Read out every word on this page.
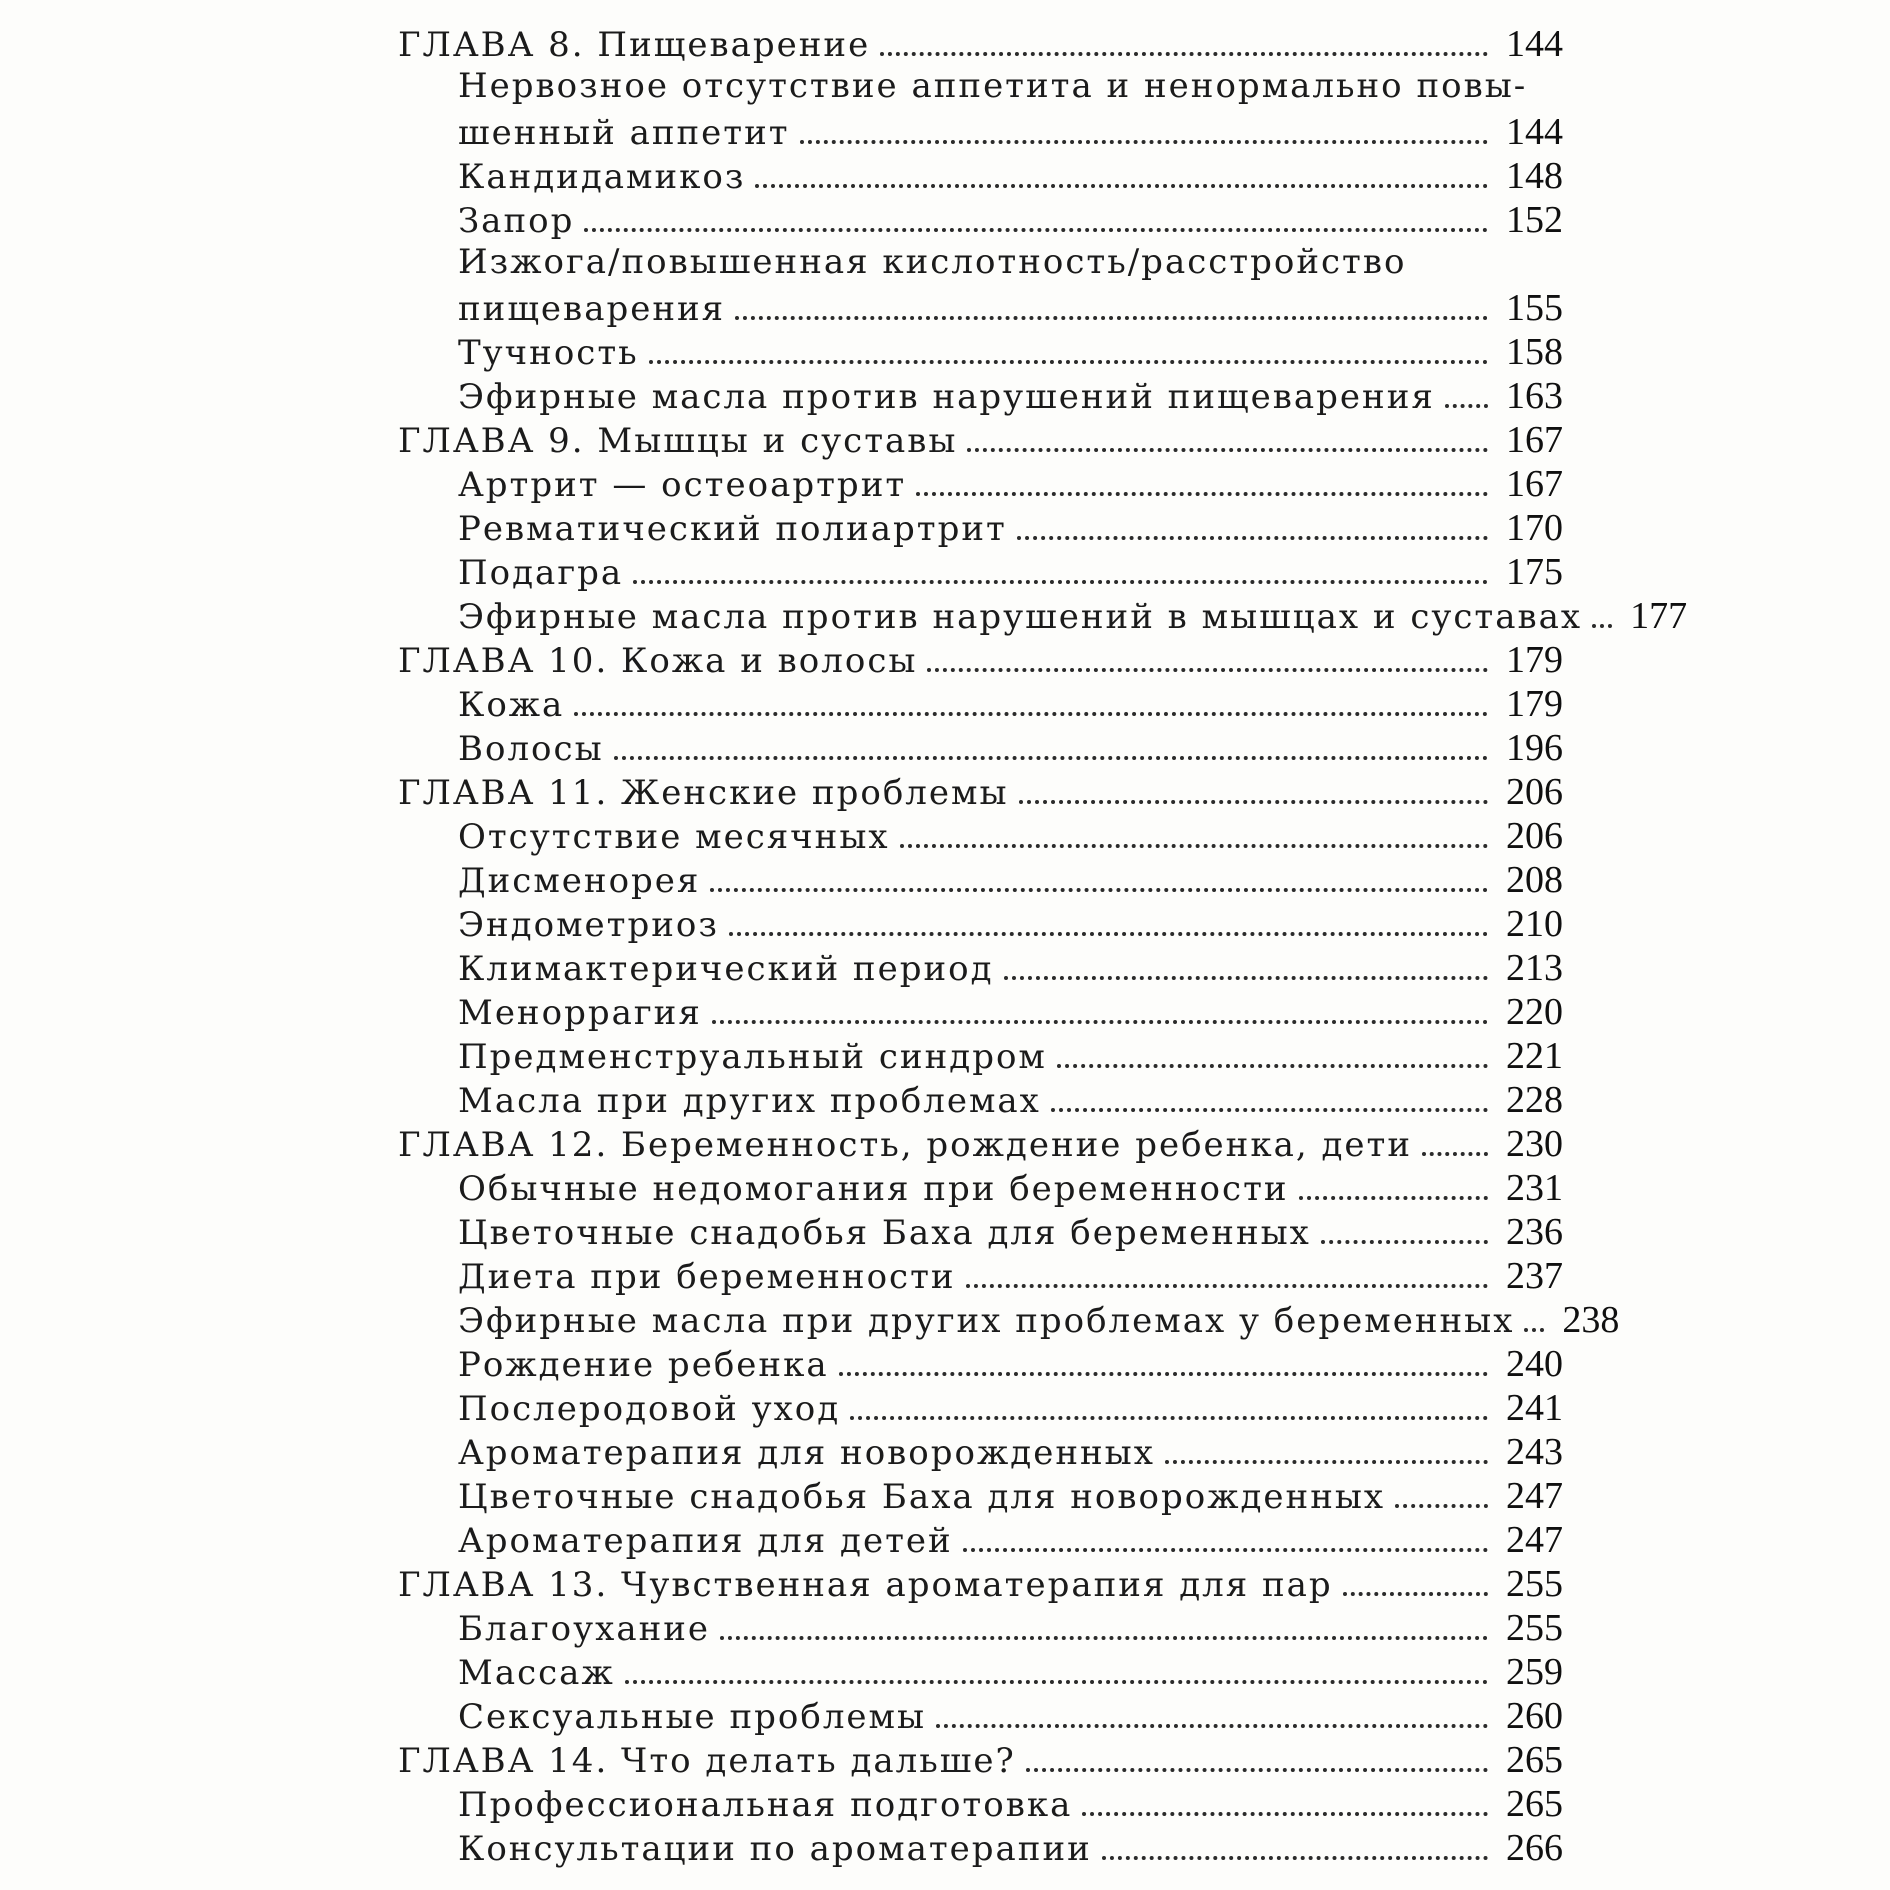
ГЛАВА 8. Пищеварение	144
Нервозное отсутствие аппетита и ненормально повы-
шенный аппетит	144
Кандидамикоз	148
Запор	152
Изжога/повышенная кислотность/расстройство
пищеварения	155
Тучность	158
Эфирные масла против нарушений пищеварения 163
ГЛАВА 9. Мышцы и суставы	167
Артрит — остеоартрит	167
Ревматический полиартрит	170
Подагра	175
Эфирные масла против нарушений в мышцах и суставах 177
ГЛАВА 10. Кожа и волосы	179
Кожа	179
Волосы	196
ГЛАВА 11. Женские проблемы	206
Отсутствие месячных	206
Дисменорея	208
Эндометриоз	210
Климактерический период	213
Меноррагия	220
Предменструальный синдром	221
Масла при других проблемах	228
ГЛАВА 12. Беременность, рождение ребенка, дети 230
Обычные недомогания при беременности	231
Цветочные снадобья Баха для беременных	236
Диета при беременности	237
Эфирные масла при других проблемах у беременных 238
Рождение ребенка	240
Послеродовой уход	241
Ароматерапия для новорожденных	243
Цветочные снадобья Баха для новорожденных	247
Ароматерапия для детей	247
ГЛАВА 13. Чувственная ароматерапия для пар	255
Благоухание	255
Массаж	259
Сексуальные проблемы	260
ГЛАВА 14. Что делать дальше?	265
Профессиональная подготовка	265
Консультации по ароматерапии	266
